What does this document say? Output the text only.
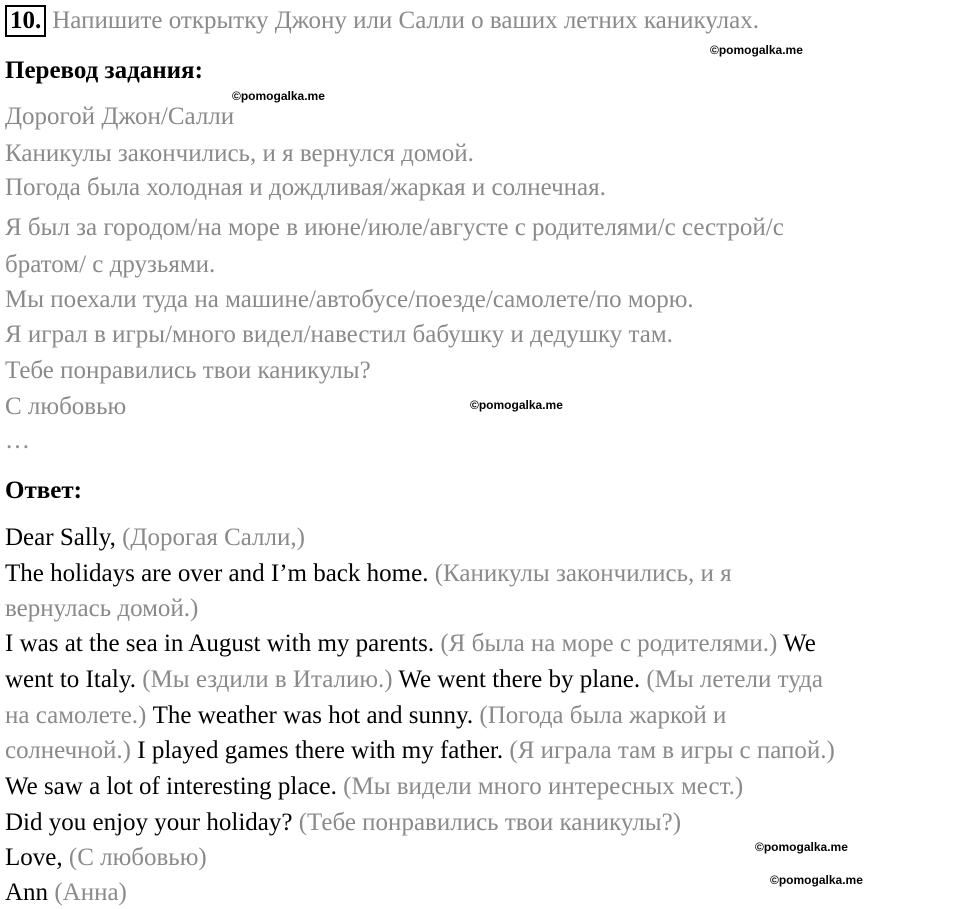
10. Напишите открытку Джону или Салли о ваших летних каникулах.
©pomogalka.me
Перевод задания:
©pomogalka.me
Дорогой Джон/Салли
Каникулы закончились, и я вернулся домой.
Погода была холодная и дождливая/жаркая и солнечная.
Я был за городом/на море в июне/июле/августе с родителями/с сестрой/с
братом/ с друзьями.
Мы поехали туда на машине/автобусе/поезде/самолете/по морю.
Я играл в игры/много видел/навестил бабушку и дедушку там.
Тебе понравились твои каникулы?
С любовью	©pomogalka.me
…
Ответ:
Dear Sally, (Дорогая Салли,)
The holidays are over and I’m back home. (Каникулы закончились, и я
вернулась домой.)
I was at the sea in August with my parents. (Я была на море с родителями.) We
went to Italy. (Мы ездили в Италию.) We went there by plane. (Мы летели туда
на самолете.) The weather was hot and sunny. (Погода была жаркой и
солнечной.) I played games there with my father. (Я играла там в игры с папой.)
We saw a lot of interesting place. (Мы видели много интересных мест.)
Did you enjoy your holiday? (Тебе понравились твои каникулы?)
Love, (С любовью)
Ann (Анна)
©pomogalka.me
©pomogalka.me
